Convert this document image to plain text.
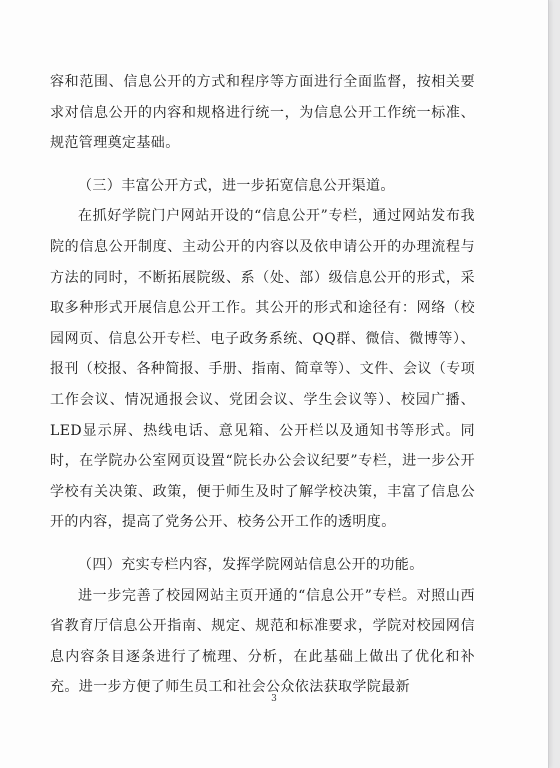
容和范围、信息公开的方式和程序等方面进行全面监督，按相关要求对信息公开的内容和规格进行统一，为信息公开工作统一标准、规范管理奠定基础。

（三）丰富公开方式，进一步拓宽信息公开渠道。

在抓好学院门户网站开设的“信息公开”专栏，通过网站发布我院的信息公开制度、主动公开的内容以及依申请公开的办理流程与方法的同时，不断拓展院级、系（处、部）级信息公开的形式，采取多种形式开展信息公开工作。其公开的形式和途径有：网络（校园网页、信息公开专栏、电子政务系统、QQ群、微信、微博等）、报刊（校报、各种简报、手册、指南、简章等）、文件、会议（专项工作会议、情况通报会议、党团会议、学生会议等）、校园广播、LED显示屏、热线电话、意见箱、公开栏以及通知书等形式。同时，在学院办公室网页设置“院长办公会议纪要”专栏，进一步公开学校有关决策、政策，便于师生及时了解学校决策，丰富了信息公开的内容，提高了党务公开、校务公开工作的透明度。

（四）充实专栏内容，发挥学院网站信息公开的功能。

进一步完善了校园网站主页开通的“信息公开”专栏。对照山西省教育厅信息公开指南、规定、规范和标准要求，学院对校园网信息内容条目逐条进行了梳理、分析，在此基础上做出了优化和补充。进一步方便了师生员工和社会公众依法获取学院最新

3
